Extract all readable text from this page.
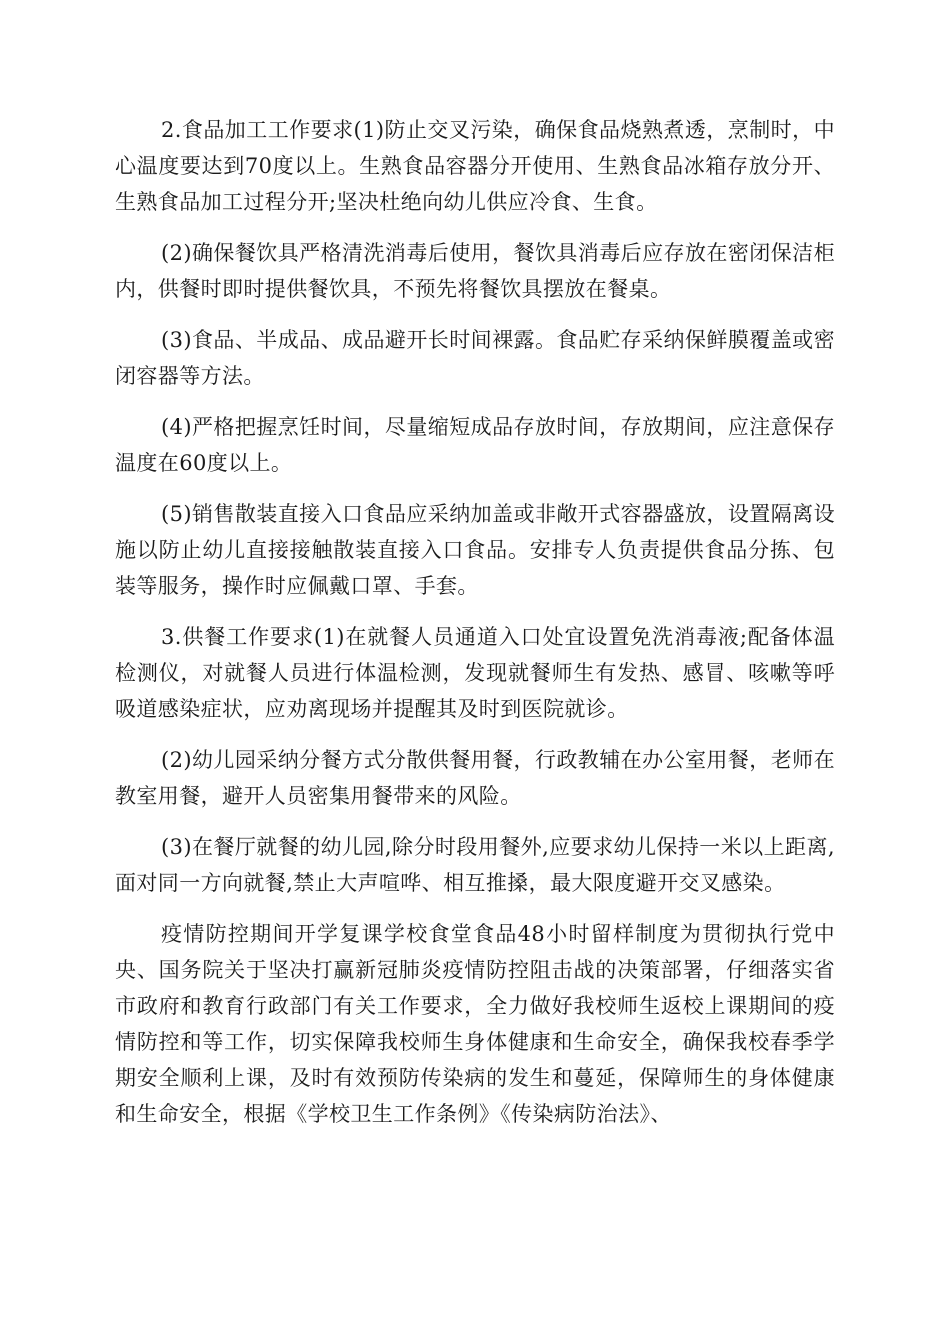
2.食品加工工作要求(1)防止交叉污染，确保食品烧熟煮透，烹制时，中心温度要达到70度以上。生熟食品容器分开使用、生熟食品冰箱存放分开、生熟食品加工过程分开;坚决杜绝向幼儿供应冷食、生食。

(2)确保餐饮具严格清洗消毒后使用，餐饮具消毒后应存放在密闭保洁柜内，供餐时即时提供餐饮具，不预先将餐饮具摆放在餐桌。

(3)食品、半成品、成品避开长时间裸露。食品贮存采纳保鲜膜覆盖或密闭容器等方法。

(4)严格把握烹饪时间，尽量缩短成品存放时间，存放期间，应注意保存温度在60度以上。

(5)销售散装直接入口食品应采纳加盖或非敞开式容器盛放，设置隔离设施以防止幼儿直接接触散装直接入口食品。安排专人负责提供食品分拣、包装等服务，操作时应佩戴口罩、手套。

3.供餐工作要求(1)在就餐人员通道入口处宜设置免洗消毒液;配备体温检测仪，对就餐人员进行体温检测，发现就餐师生有发热、感冒、咳嗽等呼吸道感染症状，应劝离现场并提醒其及时到医院就诊。

(2)幼儿园采纳分餐方式分散供餐用餐，行政教辅在办公室用餐，老师在教室用餐，避开人员密集用餐带来的风险。

(3)在餐厅就餐的幼儿园,除分时段用餐外,应要求幼儿保持一米以上距离,面对同一方向就餐,禁止大声喧哗、相互推搡，最大限度避开交叉感染。

疫情防控期间开学复课学校食堂食品48小时留样制度为贯彻执行党中央、国务院关于坚决打赢新冠肺炎疫情防控阻击战的决策部署，仔细落实省市政府和教育行政部门有关工作要求，全力做好我校师生返校上课期间的疫情防控和等工作，切实保障我校师生身体健康和生命安全，确保我校春季学期安全顺利上课，及时有效预防传染病的发生和蔓延，保障师生的身体健康和生命安全，根据《学校卫生工作条例》《传染病防治法》、
